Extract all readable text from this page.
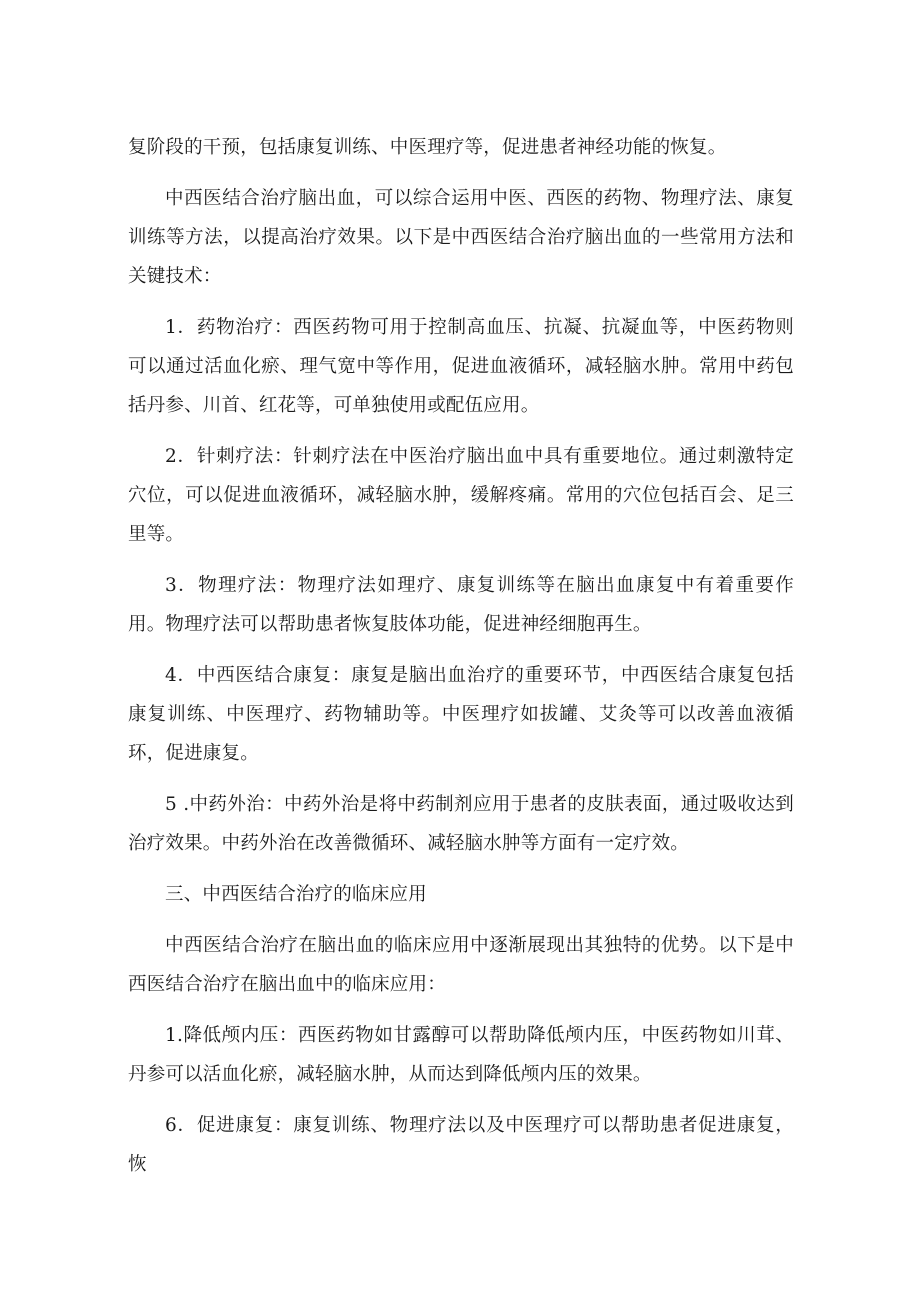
复阶段的干预，包括康复训练、中医理疗等，促进患者神经功能的恢复。

中西医结合治疗脑出血，可以综合运用中医、西医的药物、物理疗法、康复训练等方法，以提高治疗效果。以下是中西医结合治疗脑出血的一些常用方法和关键技术：

1．药物治疗：西医药物可用于控制高血压、抗凝、抗凝血等，中医药物则可以通过活血化瘀、理气宽中等作用，促进血液循环，减轻脑水肿。常用中药包括丹参、川首、红花等，可单独使用或配伍应用。

2．针刺疗法：针刺疗法在中医治疗脑出血中具有重要地位。通过刺激特定穴位，可以促进血液循环，减轻脑水肿，缓解疼痛。常用的穴位包括百会、足三里等。

3．物理疗法：物理疗法如理疗、康复训练等在脑出血康复中有着重要作用。物理疗法可以帮助患者恢复肢体功能，促进神经细胞再生。

4．中西医结合康复：康复是脑出血治疗的重要环节，中西医结合康复包括康复训练、中医理疗、药物辅助等。中医理疗如拔罐、艾灸等可以改善血液循环，促进康复。

5 .中药外治：中药外治是将中药制剂应用于患者的皮肤表面，通过吸收达到治疗效果。中药外治在改善微循环、减轻脑水肿等方面有一定疗效。

三、中西医结合治疗的临床应用

中西医结合治疗在脑出血的临床应用中逐渐展现出其独特的优势。以下是中西医结合治疗在脑出血中的临床应用：

1.降低颅内压：西医药物如甘露醇可以帮助降低颅内压，中医药物如川茸、丹参可以活血化瘀，减轻脑水肿，从而达到降低颅内压的效果。

6．促进康复：康复训练、物理疗法以及中医理疗可以帮助患者促进康复，恢
